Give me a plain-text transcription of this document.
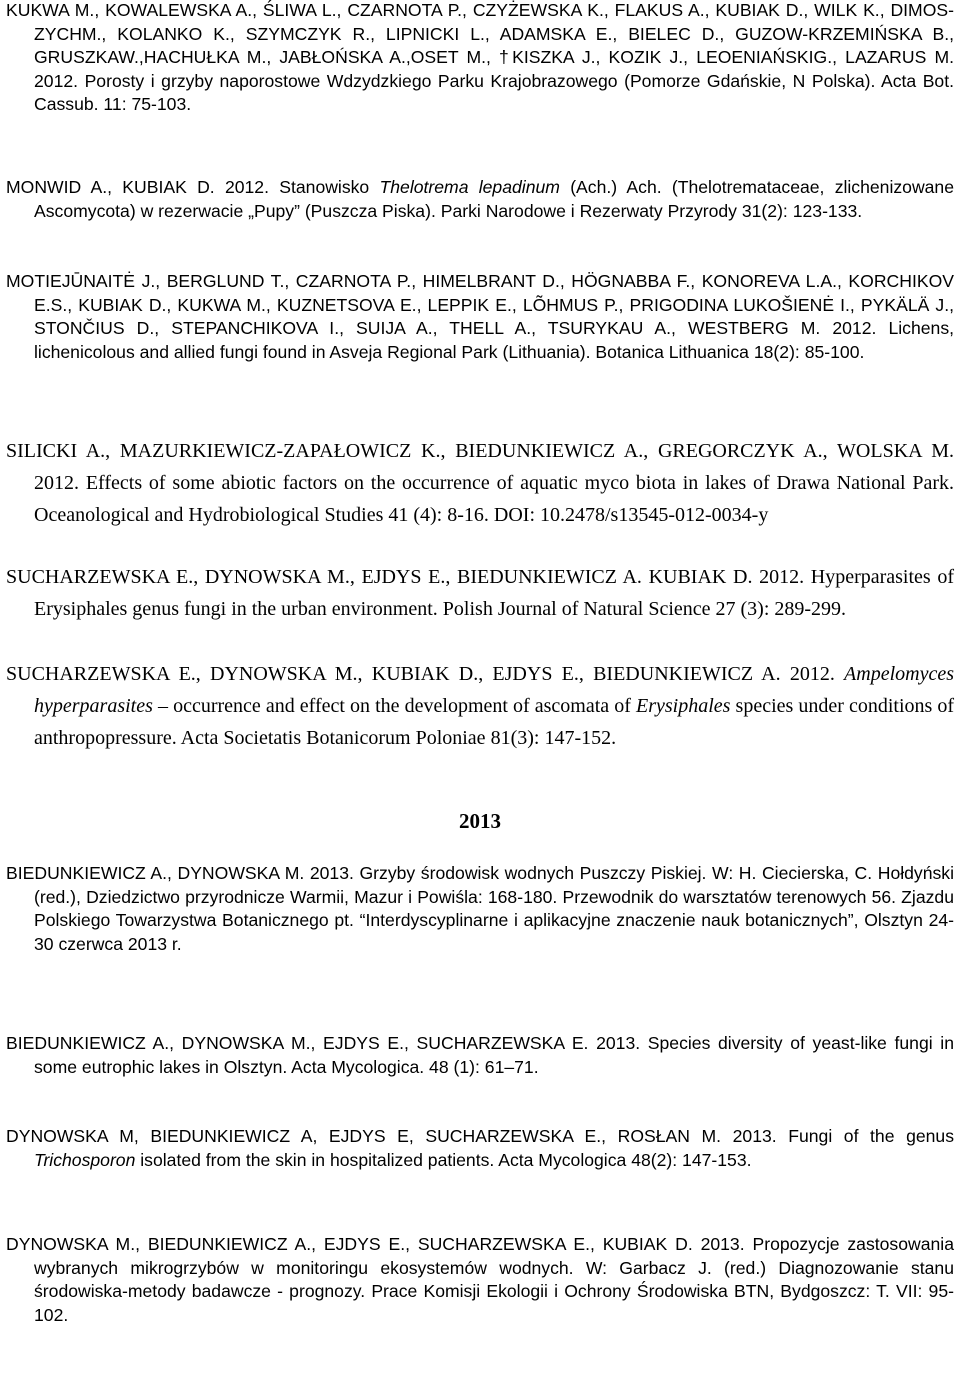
KUKWA M., KOWALEWSKA A., ŚLIWA L., CZARNOTA P., CZYŻEWSKA K., FLAKUS A., KUBIAK D., WILK K., DIMOS-ZYCHM., KOLANKO K., SZYMCZYK R., LIPNICKI L., ADAMSKA E., BIELEC D., GUZOW-KRZEMIŃSKA B., GRUSZKAW.,HACHUŁKA M., JABŁOŃSKA A.,OSET M., †KISZKA J., KOZIK J., LEOENIAŃSKIG., LAZARUS M. 2012. Porosty i grzyby naporostowe Wdzydzkiego Parku Krajobrazowego (Pomorze Gdańskie, N Polska). Acta Bot. Cassub. 11: 75-103.

MONWID A., KUBIAK D. 2012. Stanowisko Thelotrema lepadinum (Ach.) Ach. (Thelotremataceae, zlichenizowane Ascomycota) w rezerwacie „Pupy” (Puszcza Piska). Parki Narodowe i Rezerwaty Przyrody 31(2): 123-133.

MOTIEJŪNAITĖ J., BERGLUND T., CZARNOTA P., HIMELBRANT D., HÖGNABBA F., KONOREVA L.A., KORCHIKOV E.S., KUBIAK D., KUKWA M., KUZNETSOVA E., LEPPIK E., LÕHMUS P., PRIGODINA LUKOŠIENĖ I., PYKÄLÄ J., STONČIUS D., STEPANCHIKOVA I., SUIJA A., THELL A., TSURYKAU A., WESTBERG M. 2012. Lichens, lichenicolous and allied fungi found in Asveja Regional Park (Lithuania). Botanica Lithuanica 18(2): 85-100.

SILICKI A., MAZURKIEWICZ-ZAPAŁOWICZ K., BIEDUNKIEWICZ A., GREGORCZYK A., WOLSKA M. 2012. Effects of some abiotic factors on the occurrence of aquatic myco biota in lakes of Drawa National Park. Oceanological and Hydrobiological Studies 41 (4): 8-16. DOI: 10.2478/s13545-012-0034-y

SUCHARZEWSKA E., DYNOWSKA M., EJDYS E., BIEDUNKIEWICZ A. KUBIAK D. 2012. Hyperparasites of Erysiphales genus fungi in the urban environment. Polish Journal of Natural Science 27 (3): 289-299.

SUCHARZEWSKA E., DYNOWSKA M., KUBIAK D., EJDYS E., BIEDUNKIEWICZ A. 2012. Ampelomyces hyperparasites – occurrence and effect on the development of ascomata of Erysiphales species under conditions of anthropopressure. Acta Societatis Botanicorum Poloniae 81(3): 147-152.

2013

BIEDUNKIEWICZ A., DYNOWSKA M. 2013. Grzyby środowisk wodnych Puszczy Piskiej. W: H. Ciecierska, C. Hołdyński (red.), Dziedzictwo przyrodnicze Warmii, Mazur i Powiśla: 168-180. Przewodnik do warsztatów terenowych 56. Zjazdu Polskiego Towarzystwa Botanicznego pt. “Interdyscyplinarne i aplikacyjne znaczenie nauk botanicznych”, Olsztyn 24-30 czerwca 2013 r.

BIEDUNKIEWICZ A., DYNOWSKA M., EJDYS E., SUCHARZEWSKA E. 2013. Species diversity of yeast-like fungi in some eutrophic lakes in Olsztyn. Acta Mycologica. 48 (1): 61–71.

DYNOWSKA M, BIEDUNKIEWICZ A, EJDYS E, SUCHARZEWSKA E., ROSŁAN M. 2013. Fungi of the genus Trichosporon isolated from the skin in hospitalized patients. Acta Mycologica 48(2): 147-153.

DYNOWSKA M., BIEDUNKIEWICZ A., EJDYS E., SUCHARZEWSKA E., KUBIAK D. 2013. Propozycje zastosowania wybranych mikrogrzybów w monitoringu ekosystemów wodnych. W: Garbacz J. (red.) Diagnozowanie stanu środowiska-metody badawcze - prognozy. Prace Komisji Ekologii i Ochrony Środowiska BTN, Bydgoszcz: T. VII: 95-102.
